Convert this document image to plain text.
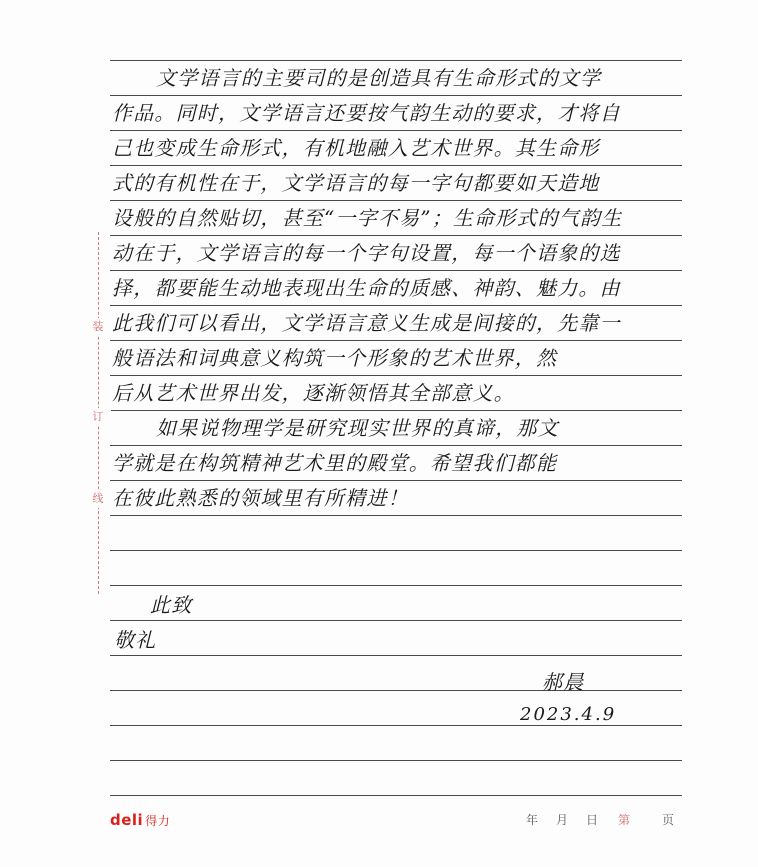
装
订
线
文学语言的主要司的是创造具有生命形式的文学
作品。同时，文学语言还要按气韵生动的要求，才将自
己也变成生命形式，有机地融入艺术世界。其生命形
式的有机性在于，文学语言的每一字句都要如天造地
设般的自然贴切，甚至“一字不易”；生命形式的气韵生
动在于，文学语言的每一个字句设置，每一个语象的选
择，都要能生动地表现出生命的质感、神韵、魅力。由
此我们可以看出，文学语言意义生成是间接的，先靠一
般语法和词典意义构筑一个形象的艺术世界，然
后从艺术世界出发，逐渐领悟其全部意义。
如果说物理学是研究现实世界的真谛，那文
学就是在构筑精神艺术里的殿堂。希望我们都能
在彼此熟悉的领域里有所精进！
此致
敬礼
郝晨
2023.4.9
deli 得力	年 月 日 第	页
